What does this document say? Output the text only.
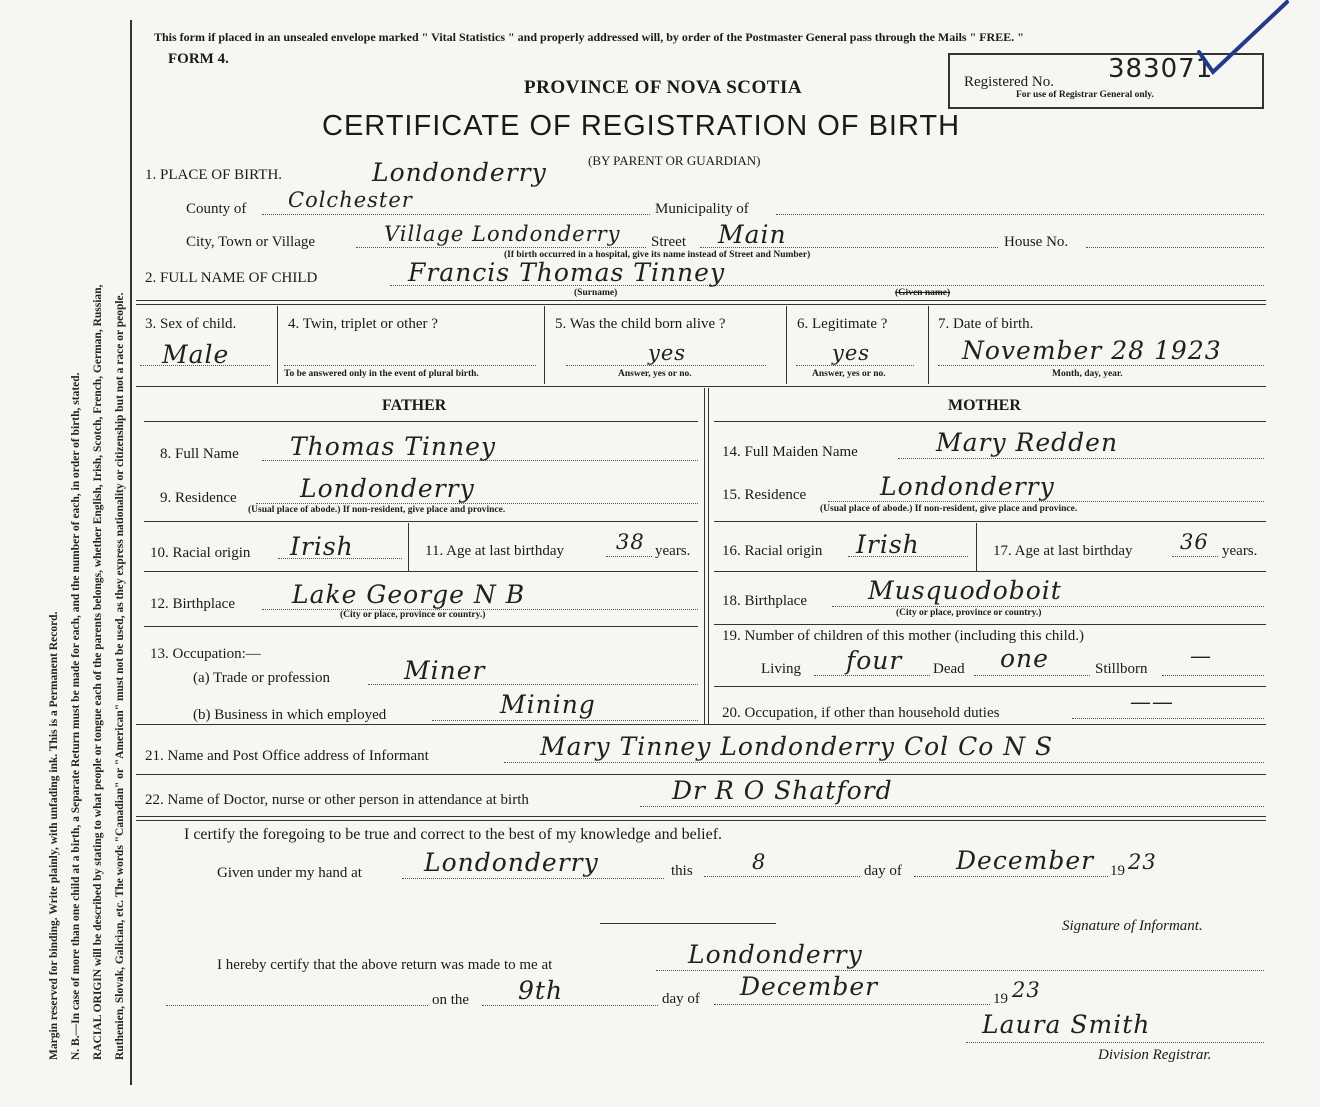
Margin reserved for binding. Write plainly, with unfading ink. This is a Permanent Record. N. B.—In case of more than one child at a birth, a Separate Return must be made for each, and the number of each, in order of birth, stated. RACIAL ORIGIN will be described by stating to what people or tongue each of the parents belongs, whether English, Irish, Scotch, French, German, Russian, Ruthenien, Slovak, Galician, etc. The words "Canadian" or "American" must not be used, as they express nationality or citizenship but not a race or people.
This form if placed in an unsealed envelope marked " Vital Statistics " and properly addressed will, by order of the Postmaster General pass through the Mails " FREE. "
FORM 4.
PROVINCE OF NOVA SCOTIA
CERTIFICATE OF REGISTRATION OF BIRTH
(BY PARENT OR GUARDIAN)
Registered No. 383071
For use of Registrar General only.
1. PLACE OF BIRTH.	Londonderry
County of Colchester	Municipality of
City, Town or Village	Village Londonderry Street Main	House No.
(If birth occurred in a hospital, give its name instead of Street and Number)
2. FULL NAME OF CHILD	Francis Thomas Tinney
(Surname)	(Given name)
3. Sex of child.
Male
4. Twin, triplet or other ?
To be answered only in the event of plural birth.
5. Was the child born alive ?
yes
Answer, yes or no.
6. Legitimate ?
yes
Answer, yes or no.
7. Date of birth.
November 28 1923
Month, day, year.
FATHER	MOTHER
8. Full Name Thomas Tinney
9. Residence	Londonderry
(Usual place of abode.) If non-resident, give place and province.
10. Racial origin Irish	11. Age at last birthday 38 years.
12. Birthplace Lake George N B
(City or place, province or country.)
13. Occupation:—
(a) Trade or profession	Miner
(b) Business in which employed	Mining
14. Full Maiden Name	Mary Redden
15. Residence	Londonderry
(Usual place of abode.) If non-resident, give place and province.
16. Racial origin Irish	17. Age at last birthday 36 years.
18. Birthplace Musquodoboit
(City or place, province or country.)
19. Number of children of this mother (including this child.)
Living four Dead one	Stillborn
—
20. Occupation, if other than household duties	——
21. Name and Post Office address of Informant	Mary Tinney Londonderry Col Co N S
22. Name of Doctor, nurse or other person in attendance at birth	Dr R O Shatford
I certify the foregoing to be true and correct to the best of my knowledge and belief.
Given under my hand at Londonderry	this	8	day of December 19 23
Signature of Informant.
I hereby certify that the above return was made to me at	Londonderry
on the 9th	day of December	19 23
Laura Smith
Division Registrar.
